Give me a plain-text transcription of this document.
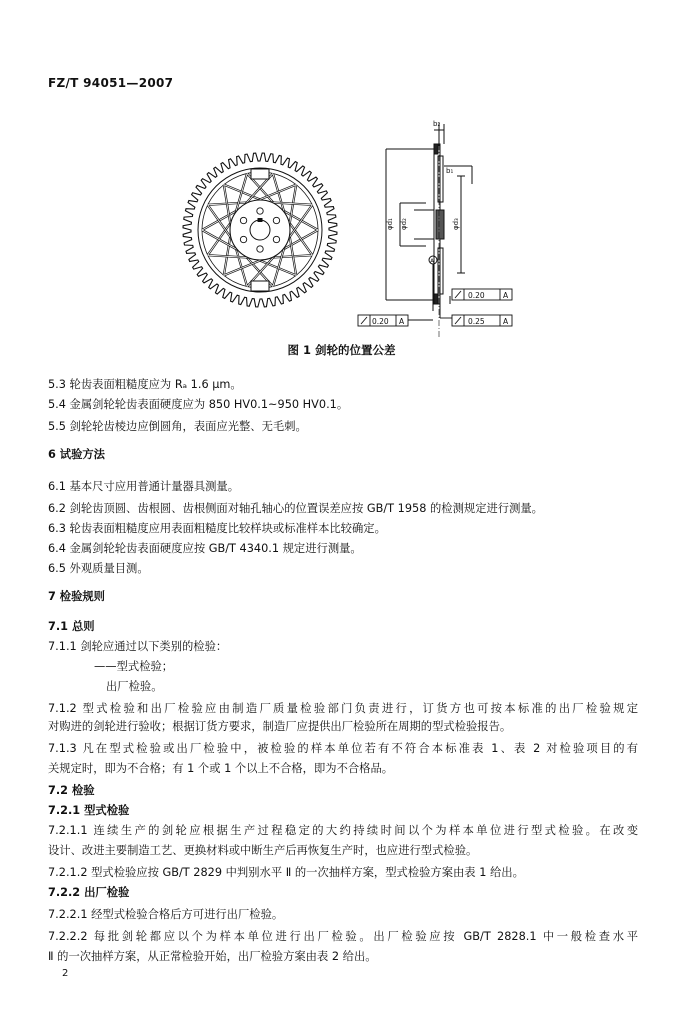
FZ/T 94051—2007
A
b₂
b₁
φd₁ φd₂	φd₃
0.20 A
0.20 A	0.25 A
图 1 剑轮的位置公差
5.3 轮齿表面粗糙度应为 Rₐ 1.6 μm。
5.4 金属剑轮轮齿表面硬度应为 850 HV0.1~950 HV0.1。
5.5 剑轮轮齿棱边应倒圆角，表面应光整、无毛刺。
6 试验方法
6.1 基本尺寸应用普通计量器具测量。
6.2 剑轮齿顶圆、齿根圆、齿根侧面对轴孔轴心的位置误差应按 GB/T 1958 的检测规定进行测量。
6.3 轮齿表面粗糙度应用表面粗糙度比较样块或标准样本比较确定。
6.4 金属剑轮轮齿表面硬度应按 GB/T 4340.1 规定进行测量。
6.5 外观质量目测。
7 检验规则
7.1 总则
7.1.1 剑轮应通过以下类别的检验：
——型式检验；
出厂检验。
7.1.2 型式检验和出厂检验应由制造厂质量检验部门负责进行，订货方也可按本标准的出厂检验规定
对购进的剑轮进行验收；根据订货方要求，制造厂应提供出厂检验所在周期的型式检验报告。
7.1.3 凡在型式检验或出厂检验中，被检验的样本单位若有不符合本标准表 1、表 2 对检验项目的有
关规定时，即为不合格；有 1 个或 1 个以上不合格，即为不合格品。
7.2 检验
7.2.1 型式检验
7.2.1.1 连续生产的剑轮应根据生产过程稳定的大约持续时间以个为样本单位进行型式检验。在改变
设计、改进主要制造工艺、更换材料或中断生产后再恢复生产时，也应进行型式检验。
7.2.1.2 型式检验应按 GB/T 2829 中判别水平 Ⅱ 的一次抽样方案，型式检验方案由表 1 给出。
7.2.2 出厂检验
7.2.2.1 经型式检验合格后方可进行出厂检验。
7.2.2.2 每批剑轮都应以个为样本单位进行出厂检验。出厂检验应按 GB/T 2828.1 中一般检查水平
Ⅱ 的一次抽样方案，从正常检验开始，出厂检验方案由表 2 给出。
2
